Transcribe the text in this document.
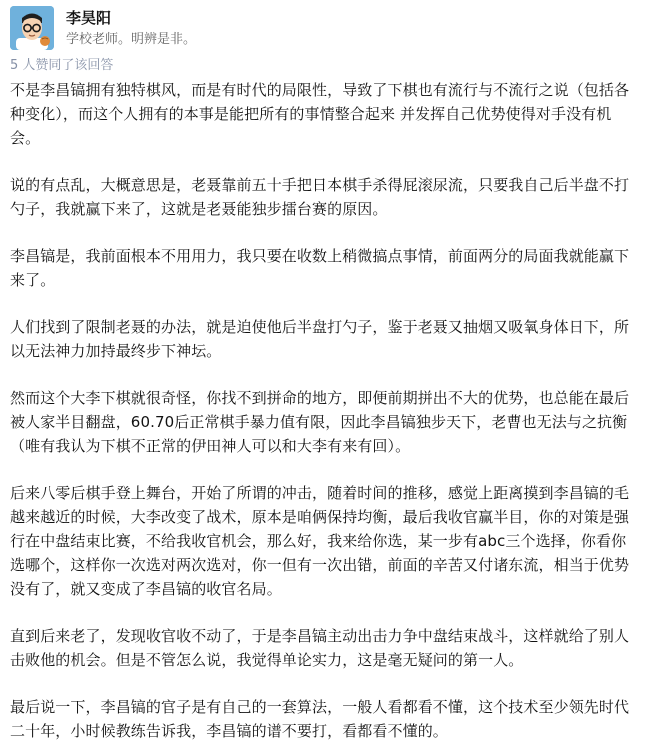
李昊阳
学校老师。明辨是非。
5 人赞同了该回答

不是李昌镐拥有独特棋风，而是有时代的局限性，导致了下棋也有流行与不流行之说（包括各种变化），而这个人拥有的本事是能把所有的事情整合起来 并发挥自己优势使得对手没有机会。

说的有点乱，大概意思是，老聂靠前五十手把日本棋手杀得屁滚尿流，只要我自己后半盘不打勺子，我就赢下来了，这就是老聂能独步擂台赛的原因。

李昌镐是，我前面根本不用用力，我只要在收数上稍微搞点事情，前面两分的局面我就能赢下来了。

人们找到了限制老聂的办法，就是迫使他后半盘打勺子，鉴于老聂又抽烟又吸氧身体日下，所以无法神力加持最终步下神坛。

然而这个大李下棋就很奇怪，你找不到拼命的地方，即便前期拼出不大的优势，也总能在最后被人家半目翻盘，60.70后正常棋手暴力值有限，因此李昌镐独步天下，老曹也无法与之抗衡（唯有我认为下棋不正常的伊田神人可以和大李有来有回）。

后来八零后棋手登上舞台，开始了所谓的冲击，随着时间的推移，感觉上距离摸到李昌镐的毛越来越近的时候，大李改变了战术，原本是咱俩保持均衡，最后我收官赢半目，你的对策是强行在中盘结束比赛，不给我收官机会，那么好，我来给你选，某一步有abc三个选择，你看你选哪个，这样你一次选对两次选对，你一但有一次出错，前面的辛苦又付诸东流，相当于优势没有了，就又变成了李昌镐的收官名局。

直到后来老了，发现收官收不动了，于是李昌镐主动出击力争中盘结束战斗，这样就给了别人击败他的机会。但是不管怎么说，我觉得单论实力，这是毫无疑问的第一人。

最后说一下，李昌镐的官子是有自己的一套算法，一般人看都看不懂，这个技术至少领先时代二十年，小时候教练告诉我，李昌镐的谱不要打，看都看不懂的。
